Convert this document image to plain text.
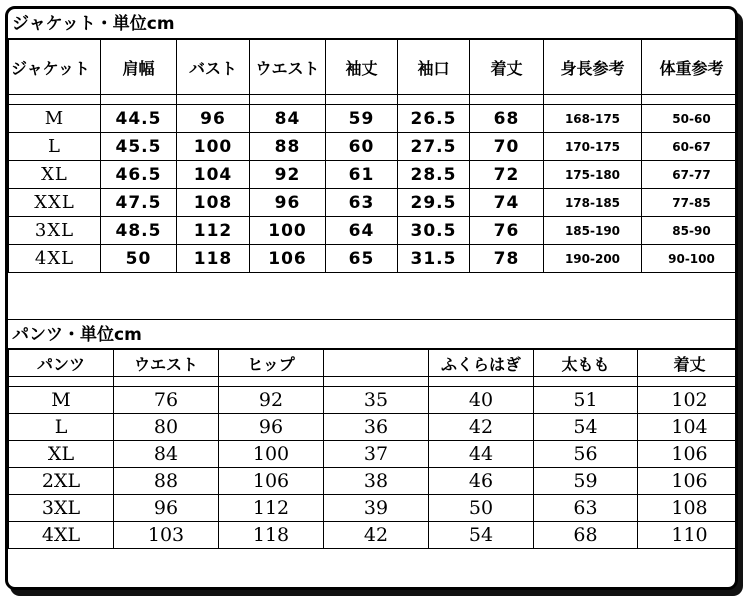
ジャケット・単位cm
ジャケット	肩幅	バスト	ウエスト	袖丈	袖口	着丈	身長参考	体重参考

M	44.5	96	84	59	26.5	68	168-175	50-60
L	45.5	100	88	60	27.5	70	170-175	60-67
XL	46.5	104	92	61	28.5	72	175-180	67-77
XXL	47.5	108	96	63	29.5	74	178-185	77-85
3XL	48.5	112	100	64	30.5	76	185-190	85-90
4XL	50	118	106	65	31.5	78	190-200	90-100
パンツ・単位cm
パンツ	ウエスト	ヒップ		ふくらはぎ	太もも	着丈

M	76	92	35	40	51	102
L	80	96	36	42	54	104
XL	84	100	37	44	56	106
2XL	88	106	38	46	59	106
3XL	96	112	39	50	63	108
4XL	103	118	42	54	68	110
